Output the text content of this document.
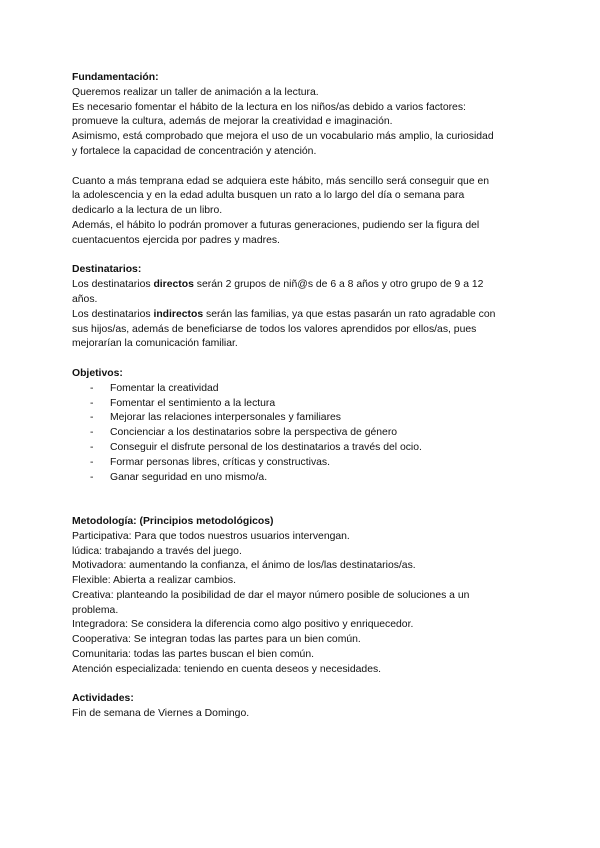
Fundamentación:

Queremos realizar un taller de animación a la lectura.

Es necesario fomentar el hábito de la lectura en los niños/as debido a varios factores:

promueve la cultura, además de mejorar la creatividad e imaginación.

Asimismo, está comprobado que mejora el uso de un vocabulario más amplio, la curiosidad

y fortalece la capacidad de concentración y atención.

Cuanto a más temprana edad se adquiera este hábito, más sencillo será conseguir que en

la adolescencia y en la edad adulta busquen un rato a lo largo del día o semana para

dedicarlo a la lectura de un libro.

Además, el hábito lo podrán promover a futuras generaciones, pudiendo ser la figura del

cuentacuentos ejercida por padres y madres.

Destinatarios:

Los destinatarios directos serán 2 grupos de niñ@s de 6 a 8 años y otro grupo de 9 a 12

años.

Los destinatarios indirectos serán las familias, ya que estas pasarán un rato agradable con

sus hijos/as, además de beneficiarse de todos los valores aprendidos por ellos/as, pues

mejorarían la comunicación familiar.

Objetivos:

- Fomentar la creatividad
- Fomentar el sentimiento a la lectura
- Mejorar las relaciones interpersonales y familiares
- Concienciar a los destinatarios sobre la perspectiva de género
- Conseguir el disfrute personal de los destinatarios a través del ocio.
- Formar personas libres, críticas y constructivas.
- Ganar seguridad en uno mismo/a.

Metodología: (Principios metodológicos)

Participativa: Para que todos nuestros usuarios intervengan.

lúdica: trabajando a través del juego.

Motivadora: aumentando la confianza, el ánimo de los/las destinatarios/as.

Flexible: Abierta a realizar cambios.

Creativa: planteando la posibilidad de dar el mayor número posible de soluciones a un

problema.

Integradora: Se considera la diferencia como algo positivo y enriquecedor.

Cooperativa: Se integran todas las partes para un bien común.

Comunitaria: todas las partes buscan el bien común.

Atención especializada: teniendo en cuenta deseos y necesidades.

Actividades:

Fin de semana de Viernes a Domingo.
